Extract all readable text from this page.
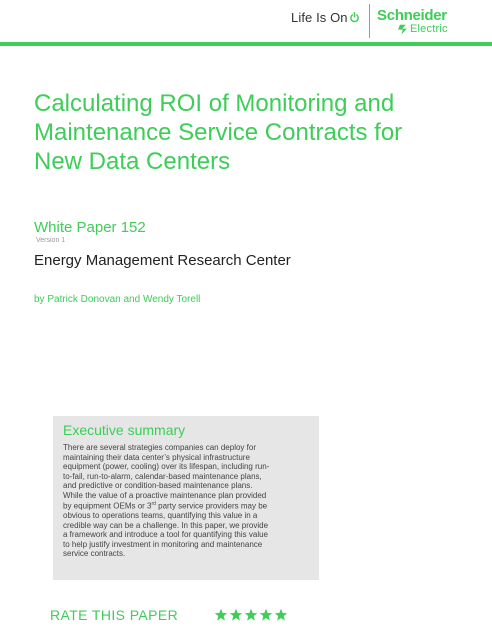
Life Is On	Schneider
Electric
Calculating ROI of Monitoring and
Maintenance Service Contracts for
New Data Centers
White Paper 152
Version 1
Energy Management Research Center
by Patrick Donovan and Wendy Torell
Executive summary
There are several strategies companies can deploy for
maintaining their data center’s physical infrastructure
equipment (power, cooling) over its lifespan, including run-
to-fail, run-to-alarm, calendar-based maintenance plans,
and predictive or condition-based maintenance plans.
While the value of a proactive maintenance plan provided
by equipment OEMs or 3rd party service providers may be
obvious to operations teams, quantifying this value in a
credible way can be a challenge. In this paper, we provide
a framework and introduce a tool for quantifying this value
to help justify investment in monitoring and maintenance
service contracts.
RATE THIS PAPER
